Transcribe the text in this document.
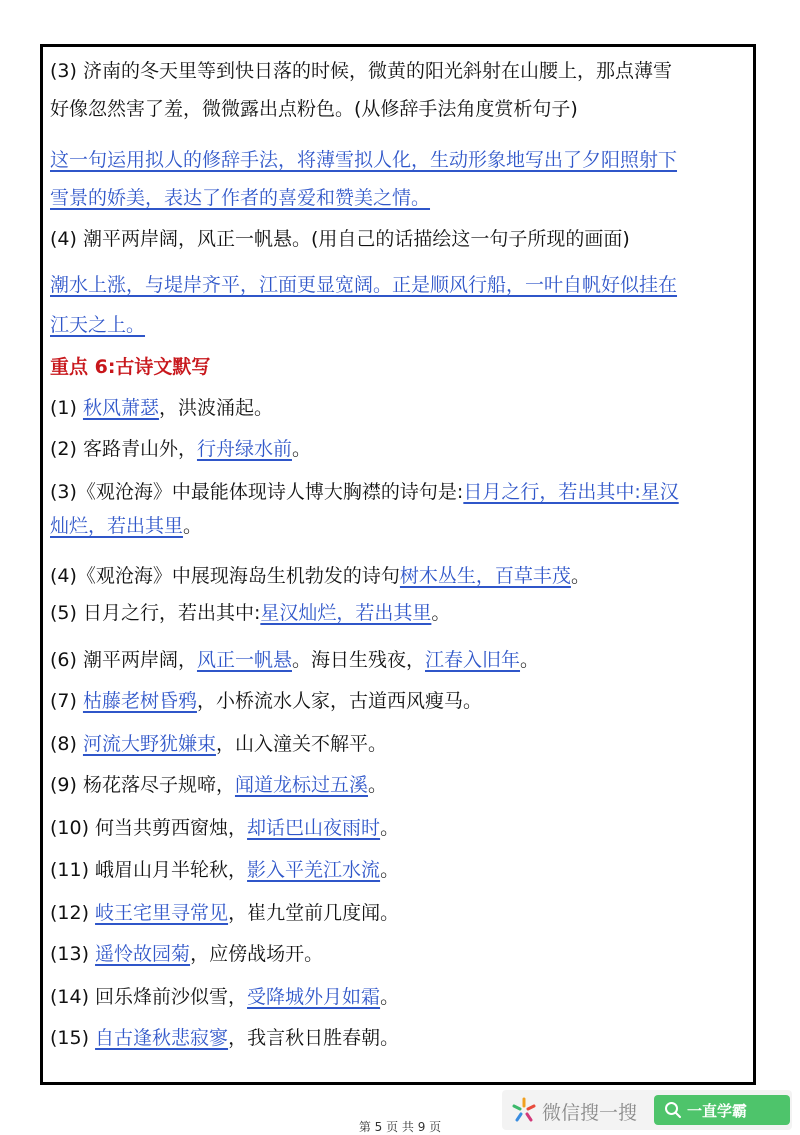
(3) 济南的冬天里等到快日落的时候，微黄的阳光斜射在山腰上，那点薄雪
好像忽然害了羞，微微露出点粉色。(从修辞手法角度赏析句子)
这一句运用拟人的修辞手法，将薄雪拟人化，生动形象地写出了夕阳照射下
雪景的娇美，表达了作者的喜爱和赞美之情。
(4) 潮平两岸阔，风正一帆悬。(用自己的话描绘这一句子所现的画面)
潮水上涨，与堤岸齐平，江面更显宽阔。正是顺风行船，一叶自帆好似挂在
江天之上。
重点 6:古诗文默写
(1) 秋风萧瑟，洪波涌起。
(2) 客路青山外，行舟绿水前。
(3)《观沧海》中最能体现诗人博大胸襟的诗句是:日月之行，若出其中:星汉
灿烂，若出其里。
(4)《观沧海》中展现海岛生机勃发的诗句树木丛生，百草丰茂。
(5) 日月之行，若出其中:星汉灿烂，若出其里。
(6) 潮平两岸阔，风正一帆悬。海日生残夜，江春入旧年。
(7) 枯藤老树昏鸦，小桥流水人家，古道西风瘦马。
(8) 河流大野犹嫌束，山入潼关不解平。
(9) 杨花落尽子规啼，闻道龙标过五溪。
(10) 何当共剪西窗烛，却话巴山夜雨时。
(11) 峨眉山月半轮秋，影入平羌江水流。
(12) 岐王宅里寻常见，崔九堂前几度闻。
(13) 遥怜故园菊，应傍战场开。
(14) 回乐烽前沙似雪，受降城外月如霜。
(15) 自古逢秋悲寂寥，我言秋日胜春朝。
第 5 页 共 9 页
微信搜一搜	一直学霸
